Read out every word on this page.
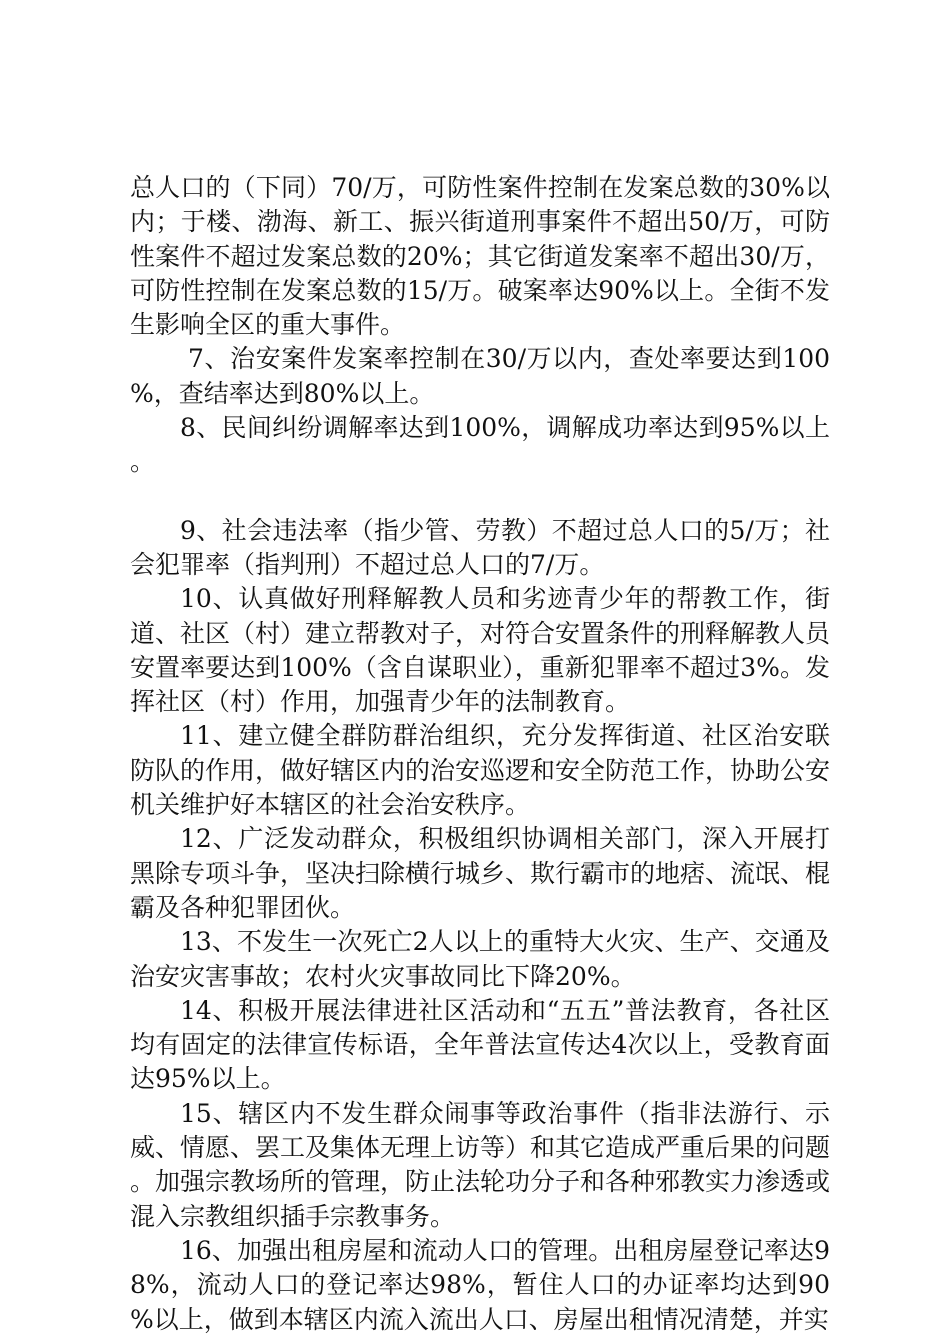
总人口的（下同）70/万，可防性案件控制在发案总数的30%以内；于楼、渤海、新工、振兴街道刑事案件不超出50/万，可防性案件不超过发案总数的20%；其它街道发案率不超出30/万，可防性控制在发案总数的15/万。破案率达90%以上。全街不发生影响全区的重大事件。

7、治安案件发案率控制在30/万以内，查处率要达到100%，查结率达到80%以上。

8、民间纠纷调解率达到100%，调解成功率达到95%以上。

9、社会违法率（指少管、劳教）不超过总人口的5/万；社会犯罪率（指判刑）不超过总人口的7/万。

10、认真做好刑释解教人员和劣迹青少年的帮教工作，街道、社区（村）建立帮教对子，对符合安置条件的刑释解教人员安置率要达到100%（含自谋职业），重新犯罪率不超过3%。发挥社区（村）作用，加强青少年的法制教育。

11、建立健全群防群治组织，充分发挥街道、社区治安联防队的作用，做好辖区内的治安巡逻和安全防范工作，协助公安机关维护好本辖区的社会治安秩序。

12、广泛发动群众，积极组织协调相关部门，深入开展打黑除专项斗争，坚决扫除横行城乡、欺行霸市的地痞、流氓、棍霸及各种犯罪团伙。

13、不发生一次死亡2人以上的重特大火灾、生产、交通及治安灾害事故；农村火灾事故同比下降20%。

14、积极开展法律进社区活动和“五五”普法教育，各社区均有固定的法律宣传标语，全年普法宣传达4次以上，受教育面达95%以上。

15、辖区内不发生群众闹事等政治事件（指非法游行、示威、情愿、罢工及集体无理上访等）和其它造成严重后果的问题。加强宗教场所的管理，防止法轮功分子和各种邪教实力渗透或混入宗教组织插手宗教事务。

16、加强出租房屋和流动人口的管理。出租房屋登记率达98%，流动人口的登记率达98%，暂住人口的办证率均达到90%以上，做到本辖区内流入流出人口、房屋出租情况清楚，并实
